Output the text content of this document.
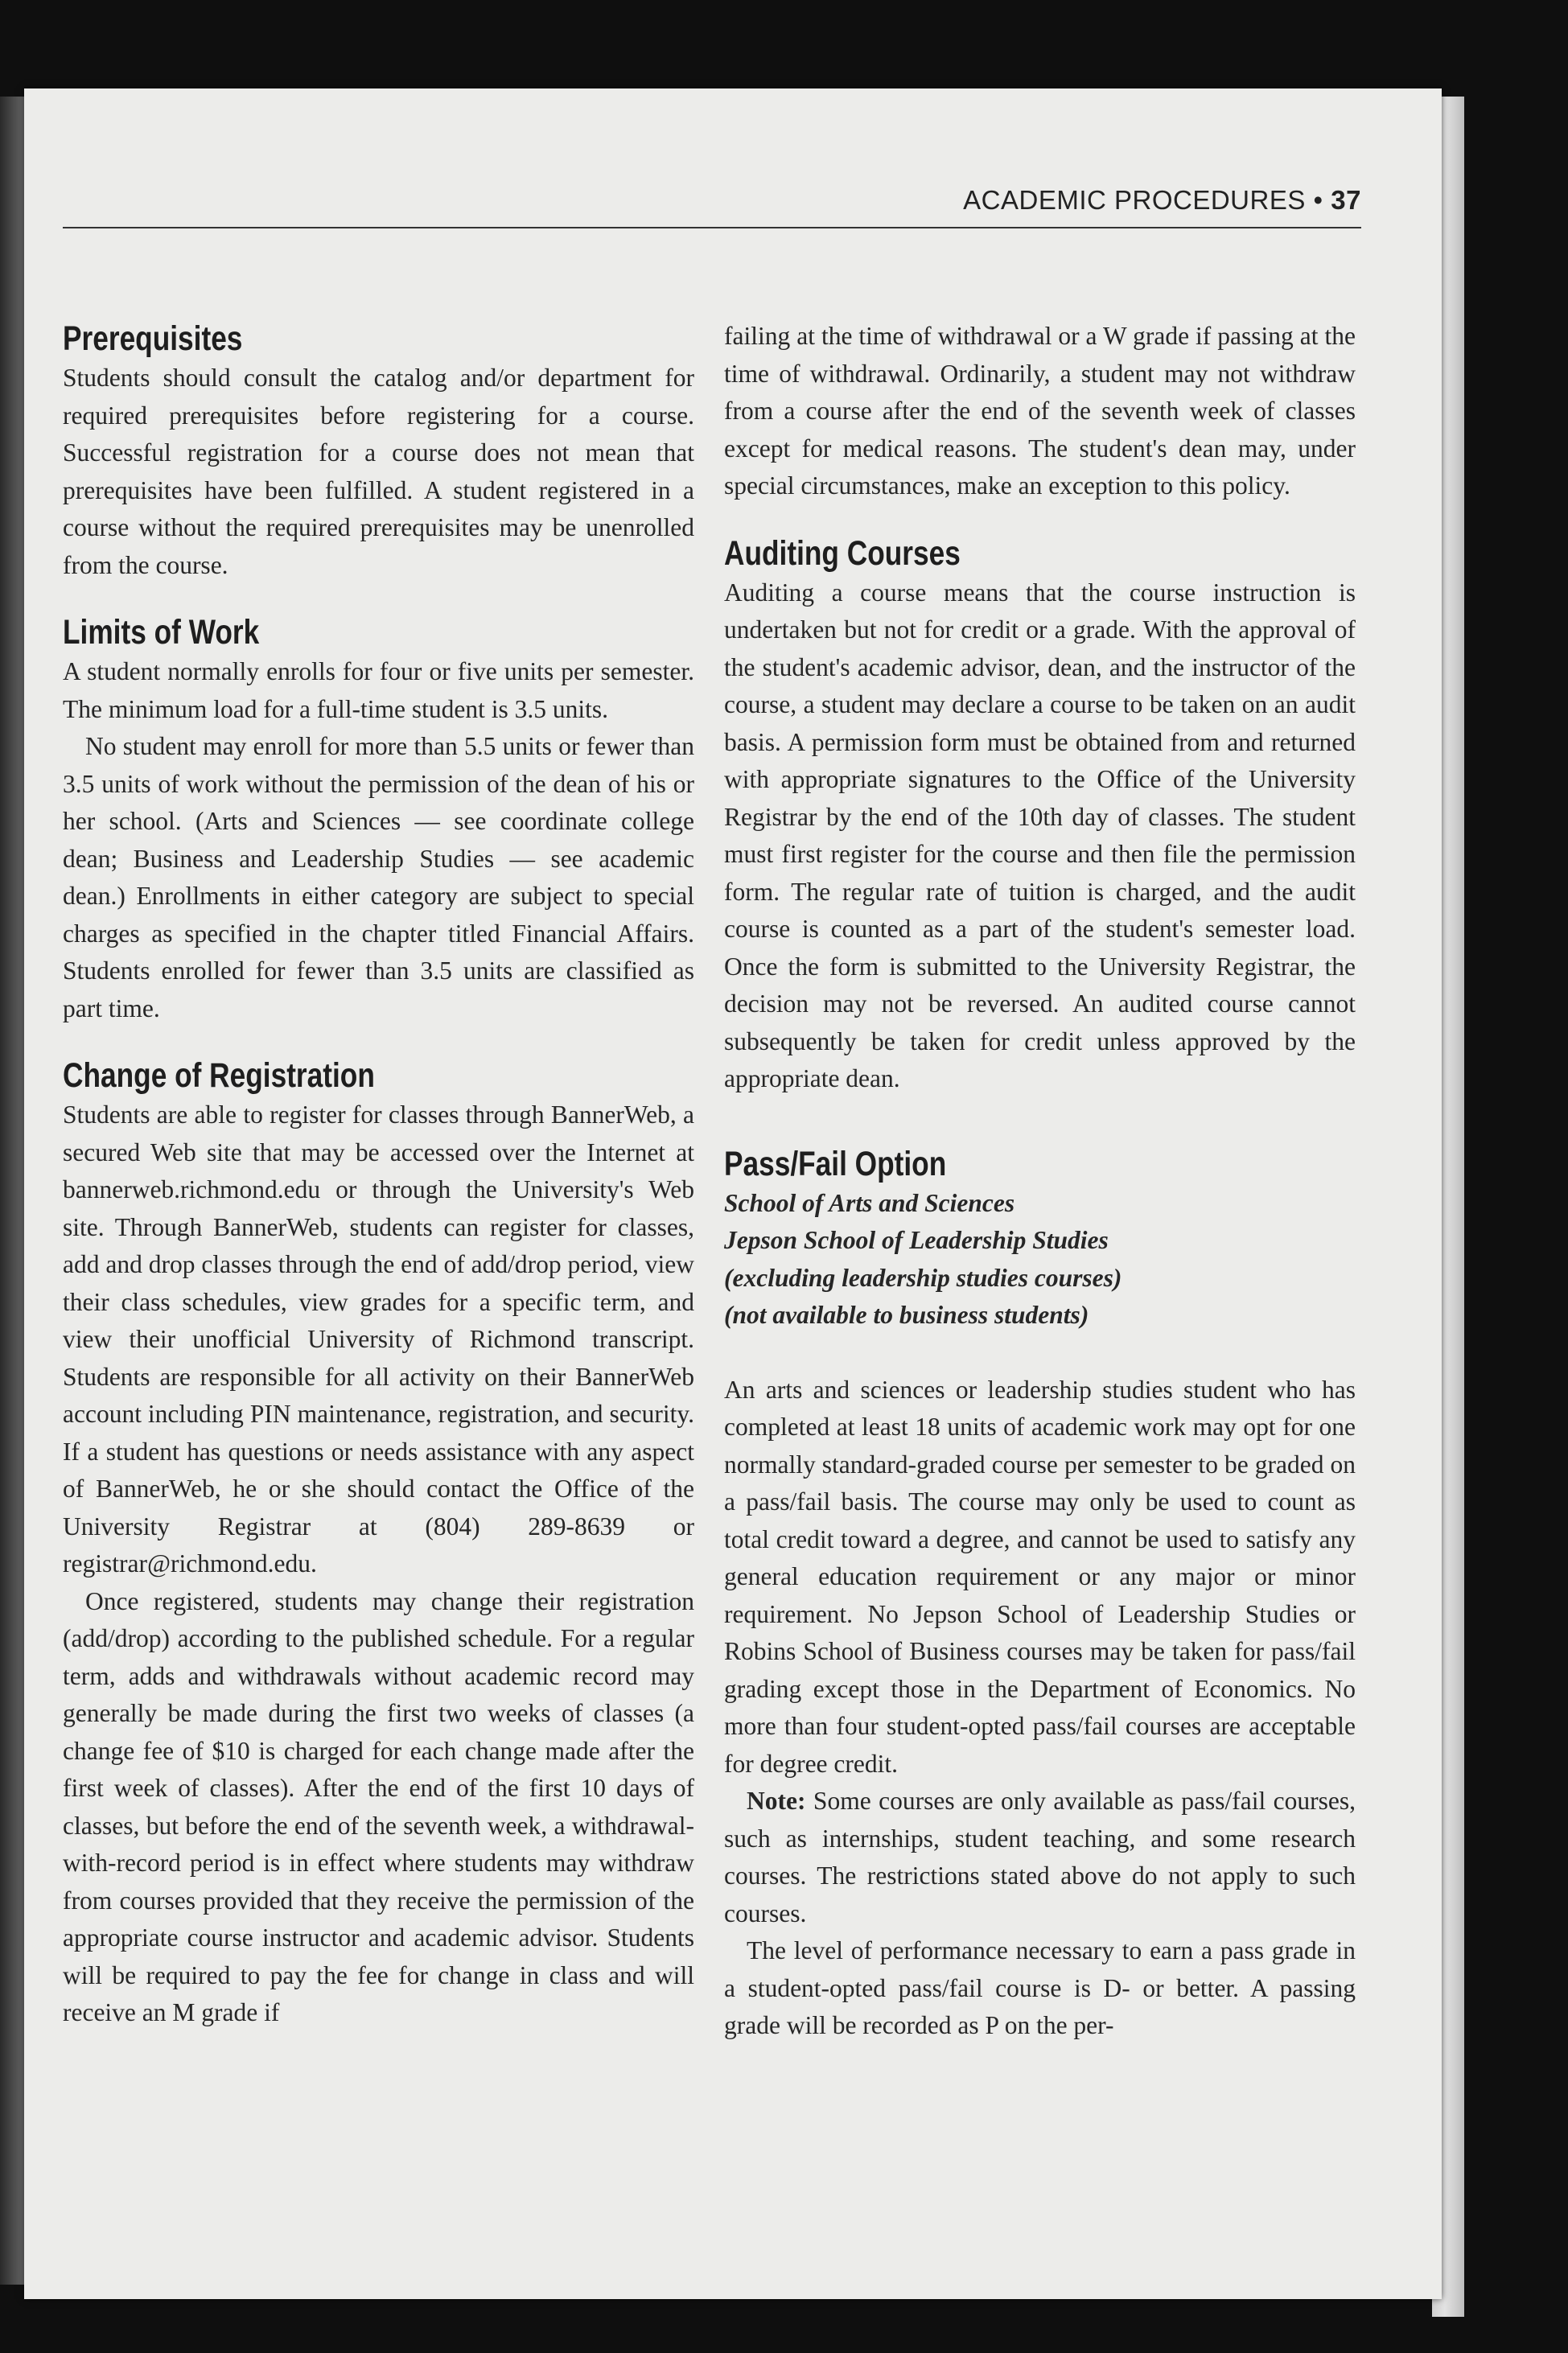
ACADEMIC PROCEDURES • 37
Prerequisites

Students should consult the catalog and/or department for required prerequisites before registering for a course. Successful registration for a course does not mean that prerequisites have been fulfilled. A student registered in a course without the required prerequisites may be unenrolled from the course.

Limits of Work

A student normally enrolls for four or five units per semester. The minimum load for a full-time student is 3.5 units.

No student may enroll for more than 5.5 units or fewer than 3.5 units of work without the permission of the dean of his or her school. (Arts and Sciences — see coordinate college dean; Business and Leadership Studies — see academic dean.) Enrollments in either category are subject to special charges as specified in the chapter titled Financial Affairs. Students enrolled for fewer than 3.5 units are classified as part time.

Change of Registration

Students are able to register for classes through BannerWeb, a secured Web site that may be accessed over the Internet at bannerweb.richmond.edu or through the University's Web site. Through BannerWeb, students can register for classes, add and drop classes through the end of add/drop period, view their class schedules, view grades for a specific term, and view their unofficial University of Richmond transcript. Students are responsible for all activity on their BannerWeb account including PIN maintenance, registration, and security. If a student has questions or needs assistance with any aspect of BannerWeb, he or she should contact the Office of the University Registrar at (804) 289-8639 or registrar@richmond.edu.

Once registered, students may change their registration (add/drop) according to the published schedule. For a regular term, adds and withdrawals without academic record may generally be made during the first two weeks of classes (a change fee of $10 is charged for each change made after the first week of classes). After the end of the first 10 days of classes, but before the end of the seventh week, a withdrawal-with-record period is in effect where students may withdraw from courses provided that they receive the permission of the appropriate course instructor and academic advisor. Students will be required to pay the fee for change in class and will receive an M grade if

failing at the time of withdrawal or a W grade if passing at the time of withdrawal. Ordinarily, a student may not withdraw from a course after the end of the seventh week of classes except for medical reasons. The student's dean may, under special circumstances, make an exception to this policy.

Auditing Courses

Auditing a course means that the course instruction is undertaken but not for credit or a grade. With the approval of the student's academic advisor, dean, and the instructor of the course, a student may declare a course to be taken on an audit basis. A permission form must be obtained from and returned with appropriate signatures to the Office of the University Registrar by the end of the 10th day of classes. The student must first register for the course and then file the permission form. The regular rate of tuition is charged, and the audit course is counted as a part of the student's semester load. Once the form is submitted to the University Registrar, the decision may not be reversed. An audited course cannot subsequently be taken for credit unless approved by the appropriate dean.

Pass/Fail Option
School of Arts and Sciences
Jepson School of Leadership Studies
(excluding leadership studies courses)
(not available to business students)

An arts and sciences or leadership studies student who has completed at least 18 units of academic work may opt for one normally standard-graded course per semester to be graded on a pass/fail basis. The course may only be used to count as total credit toward a degree, and cannot be used to satisfy any general education requirement or any major or minor requirement. No Jepson School of Leadership Studies or Robins School of Business courses may be taken for pass/fail grading except those in the Department of Economics. No more than four student-opted pass/fail courses are acceptable for degree credit.

Note: Some courses are only available as pass/fail courses, such as internships, student teaching, and some research courses. The restrictions stated above do not apply to such courses.

The level of performance necessary to earn a pass grade in a student-opted pass/fail course is D- or better. A passing grade will be recorded as P on the per-
